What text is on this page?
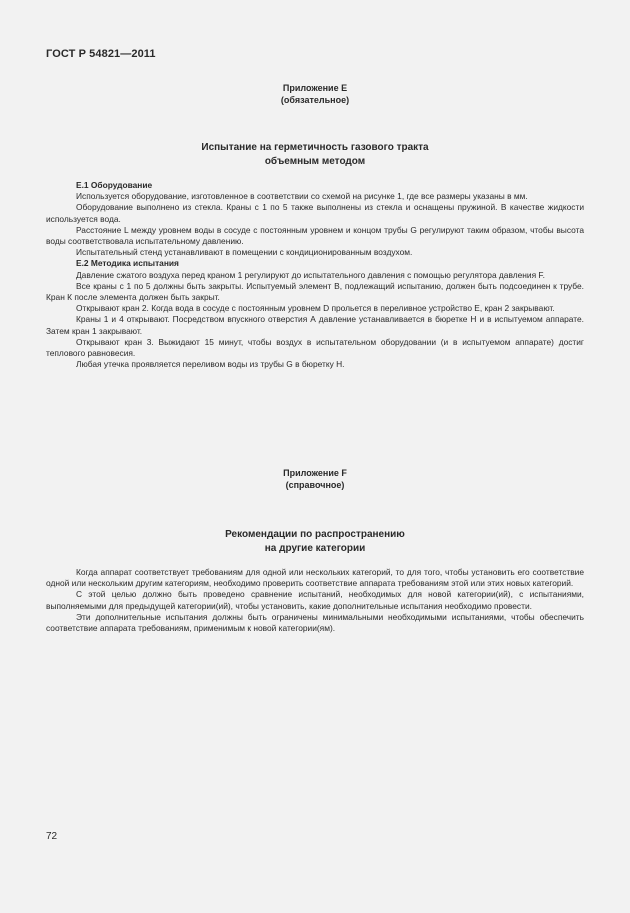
ГОСТ Р 54821—2011
Приложение Е
(обязательное)
Испытание на герметичность газового тракта
объемным методом

Е.1 Оборудование

Используется оборудование, изготовленное в соответствии со схемой на рисунке 1, где все размеры указаны в мм.

Оборудование выполнено из стекла. Краны с 1 по 5 также выполнены из стекла и оснащены пружиной. В качестве жидкости используется вода.

Расстояние L между уровнем воды в сосуде с постоянным уровнем и концом трубы G регулируют таким образом, чтобы высота воды соответствовала испытательному давлению.

Испытательный стенд устанавливают в помещении с кондиционированным воздухом.

Е.2 Методика испытания

Давление сжатого воздуха перед краном 1 регулируют до испытательного давления с помощью регулятора давления F.

Все краны с 1 по 5 должны быть закрыты. Испытуемый элемент В, подлежащий испытанию, должен быть подсоединен к трубе. Кран К после элемента должен быть закрыт.

Открывают кран 2. Когда вода в сосуде с постоянным уровнем D прольется в переливное устройство Е, кран 2 закрывают.

Краны 1 и 4 открывают. Посредством впускного отверстия А давление устанавливается в бюретке Н и в испытуемом аппарате. Затем кран 1 закрывают.

Открывают кран 3. Выжидают 15 минут, чтобы воздух в испытательном оборудовании (и в испытуемом аппарате) достиг теплового равновесия.

Любая утечка проявляется переливом воды из трубы G в бюретку Н.

Приложение F
(справочное)
Рекомендации по распространению
на другие категории

Когда аппарат соответствует требованиям для одной или нескольких категорий, то для того, чтобы установить его соответствие одной или нескольким другим категориям, необходимо проверить соответствие аппарата требованиям этой или этих новых категорий.

С этой целью должно быть проведено сравнение испытаний, необходимых для новой категории(ий), с испытаниями, выполняемыми для предыдущей категории(ий), чтобы установить, какие дополнительные испытания необходимо провести.

Эти дополнительные испытания должны быть ограничены минимальными необходимыми испытаниями, чтобы обеспечить соответствие аппарата требованиям, применимым к новой категории(ям).

72
